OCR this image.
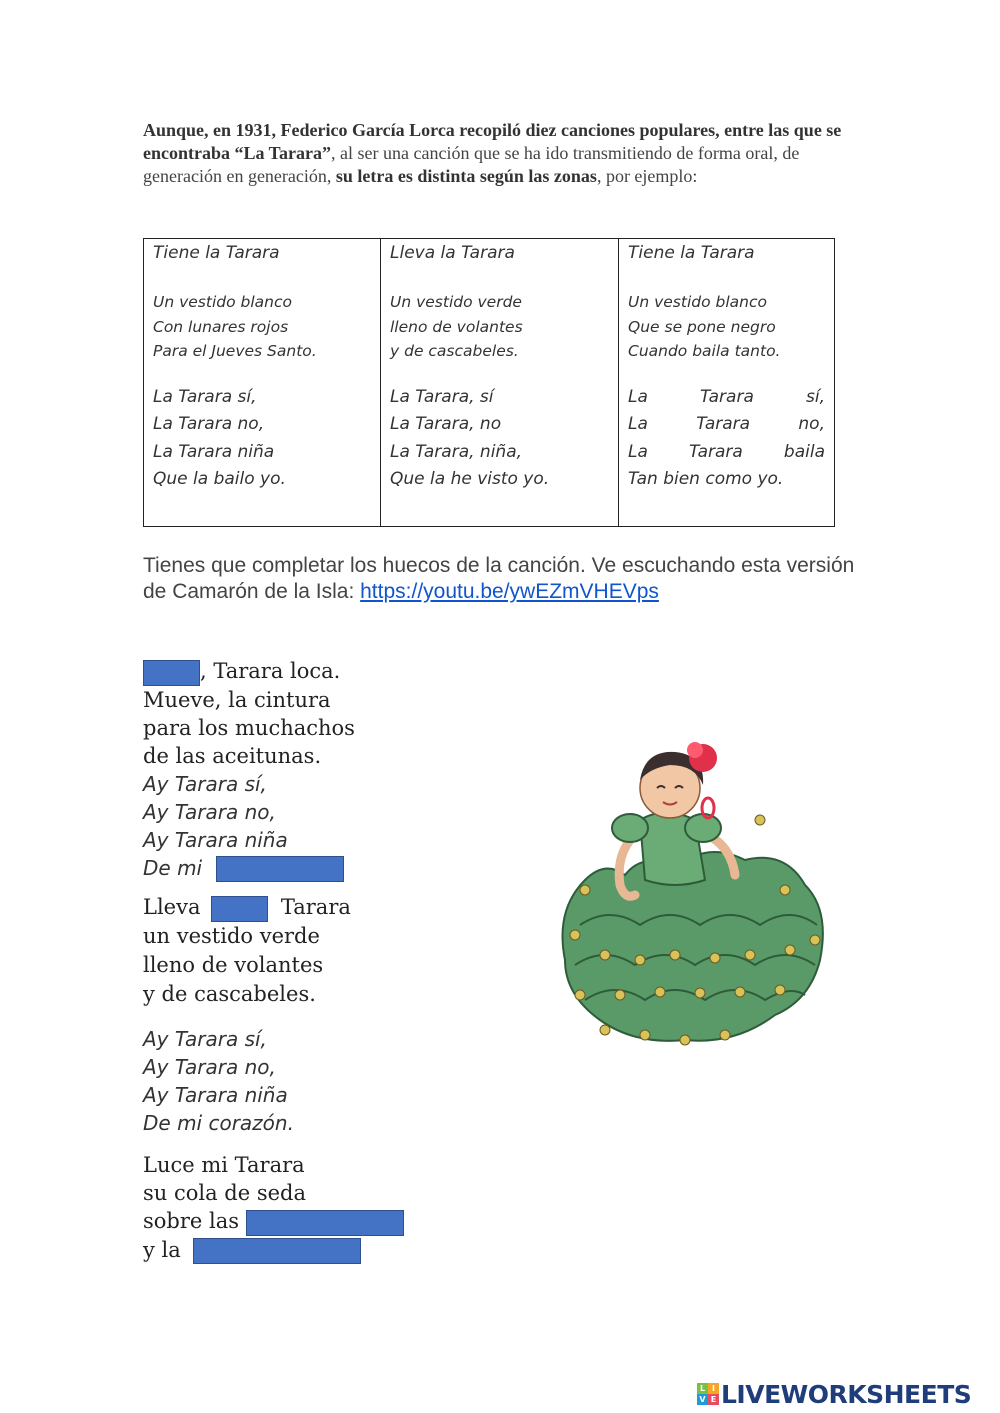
Aunque, en 1931, Federico García Lorca recopiló diez canciones populares, entre las que se encontraba “La Tarara”, al ser una canción que se ha ido transmitiendo de forma oral, de generación en generación, su letra es distinta según las zonas, por ejemplo:
Tiene la Tarara
Un vestido blanco
Con lunares rojos
Para el Jueves Santo.
La Tarara sí,
La Tarara no,
La Tarara niña
Que la bailo yo.

Lleva la Tarara
Un vestido verde
lleno de volantes
y de cascabeles.
La Tarara, sí
La Tarara, no
La Tarara, niña,
Que la he visto yo.

Tiene la Tarara
Un vestido blanco
Que se pone negro
Cuando baila tanto.
La	Tarara	sí,
La	Tarara	no,
La Tarara baila
Tan bien como yo.
Tienes que completar los huecos de la canción. Ve escuchando esta versión de Camarón de la Isla: https://youtu.be/ywEZmVHEVps
, Tarara loca.
Mueve, la cintura
para los muchachos
de las aceitunas.
Ay Tarara sí,
Ay Tarara no,
Ay Tarara niña
De mi
Lleva	Tarara
un vestido verde
lleno de volantes
y de cascabeles.
Ay Tarara sí,
Ay Tarara no,
Ay Tarara niña
De mi corazón.
Luce mi Tarara
su cola de seda
sobre las
y la
L I
V E LIVEWORKSHEETS
